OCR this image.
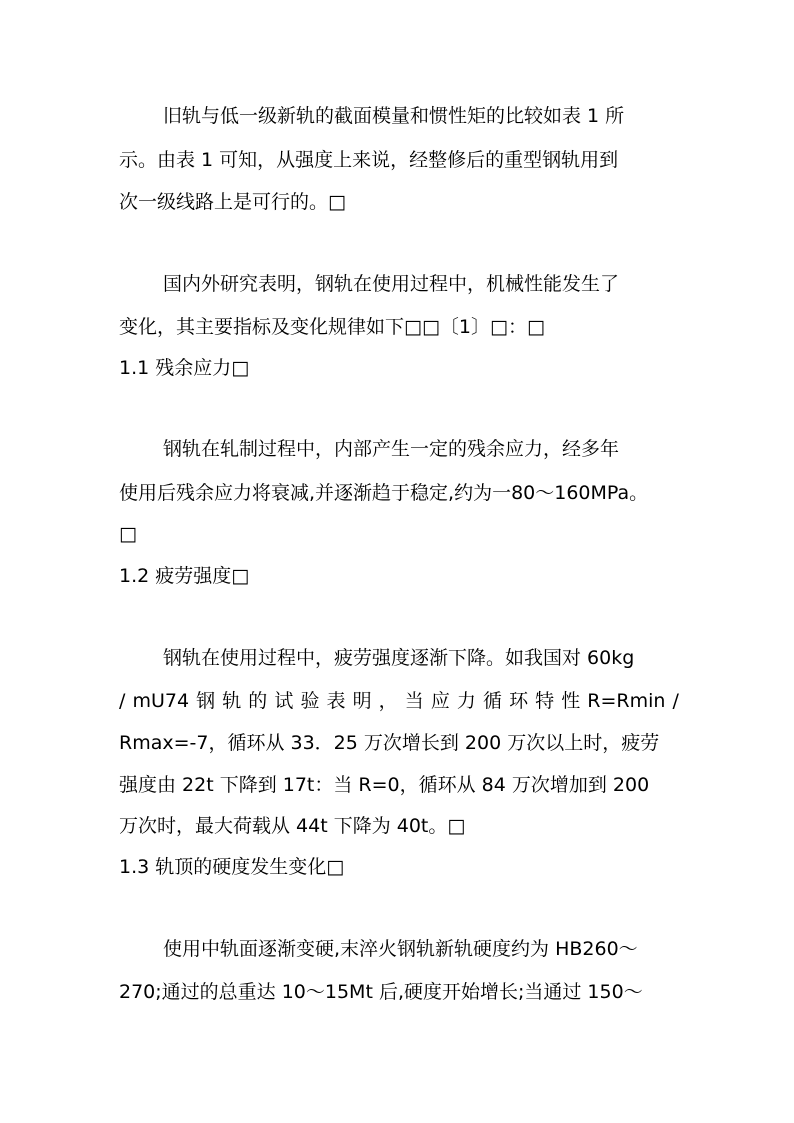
旧轨与低一级新轨的截面模量和惯性矩的比较如表 1 所
示。由表 1 可知，从强度上来说，经整修后的重型钢轨用到
次一级线路上是可行的。□
国内外研究表明，钢轨在使用过程中，机械性能发生了
变化，其主要指标及变化规律如下□□〔1〕□：□
1.1 残余应力□
钢轨在轧制过程中，内部产生一定的残余应力，经多年
使用后残余应力将衰减,并逐渐趋于稳定,约为一80～160MPa。
□
1.2 疲劳强度□
钢轨在使用过程中，疲劳强度逐渐下降。如我国对 60kg
/ mU74 钢 轨 的 试 验 表 明 ， 当 应 力 循 环 特 性 R=Rmin /
Rmax=-7，循环从 33．25 万次增长到 200 万次以上时，疲劳
强度由 22t 下降到 17t：当 R=0，循环从 84 万次增加到 200
万次时，最大荷载从 44t 下降为 40t。□
1.3 轨顶的硬度发生变化□
使用中轨面逐渐变硬,末淬火钢轨新轨硬度约为 HB260～
270;通过的总重达 10～15Mt 后,硬度开始增长;当通过 150～
